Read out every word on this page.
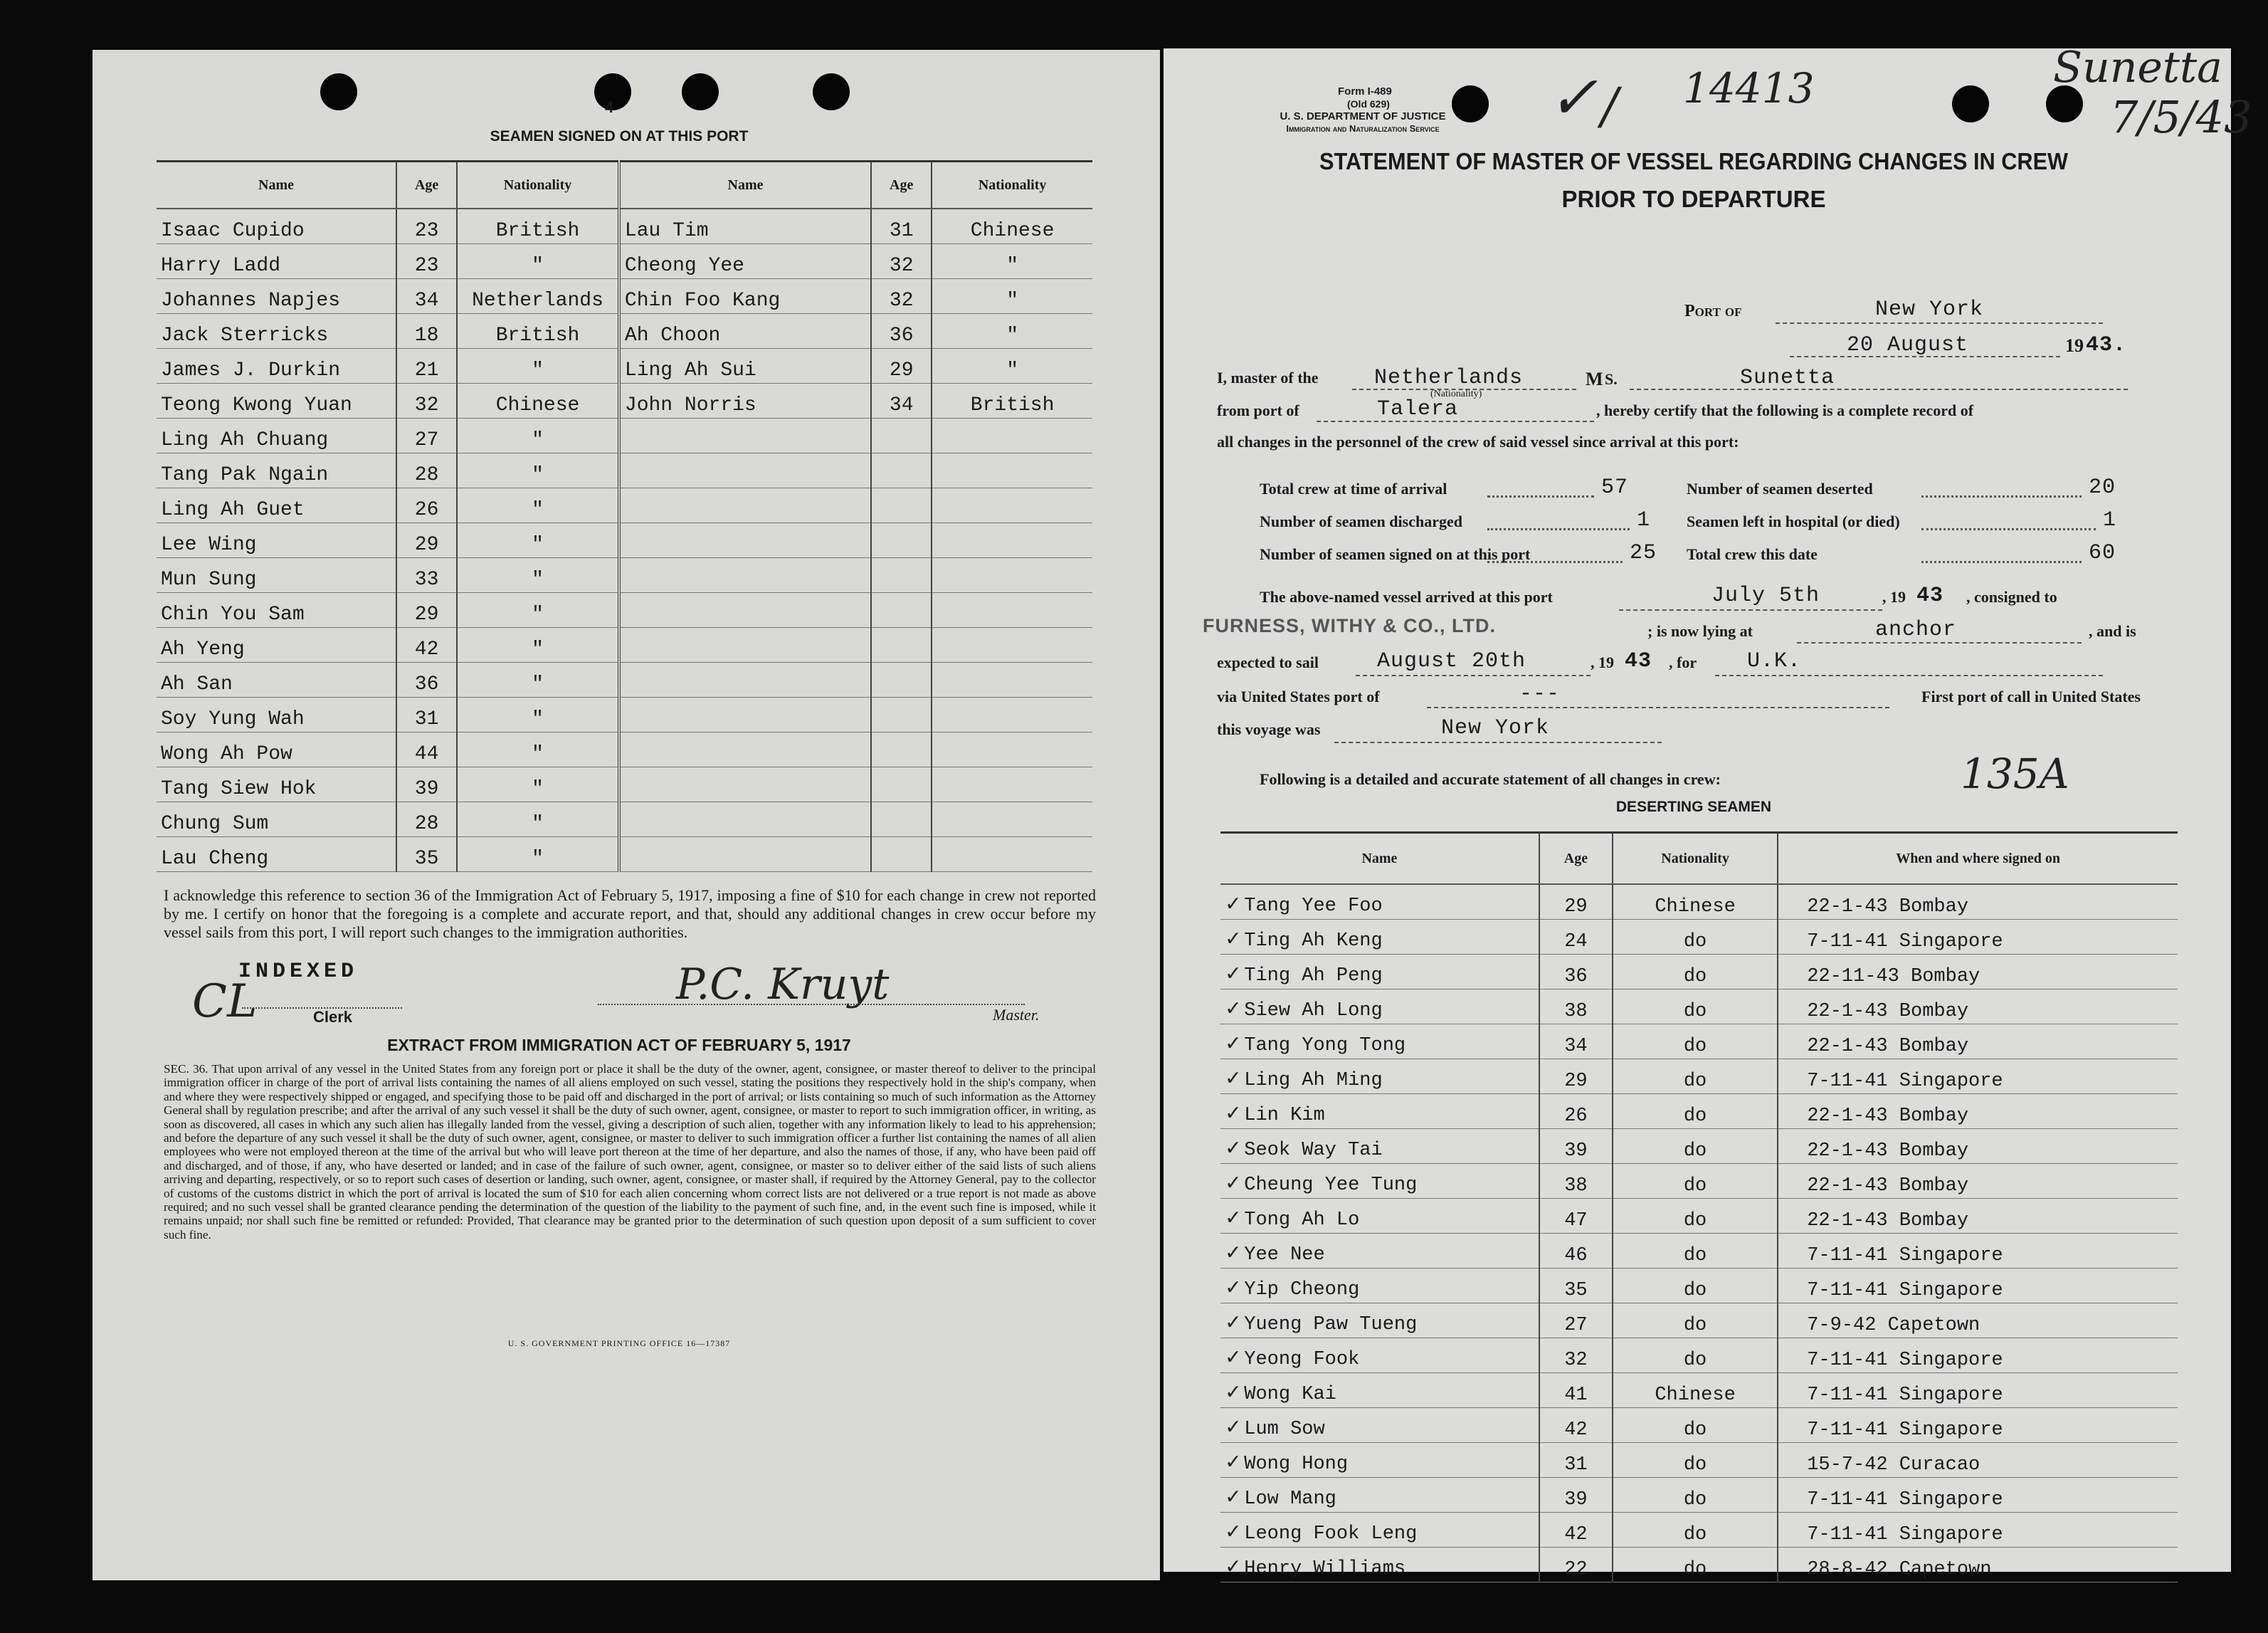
4
SEAMEN SIGNED ON AT THIS PORT
Name	Age	Nationality	Name	Age	Nationality
Isaac Cupido	23	British	Lau Tim	31	Chinese
Harry Ladd	23	"	Cheong Yee	32	"
Johannes Napjes	34	Netherlands	Chin Foo Kang	32	"
Jack Sterricks	18	British	Ah Choon	36	"
James J. Durkin	21	"	Ling Ah Sui	29	"
Teong Kwong Yuan	32	Chinese	John Norris	34	British
Ling Ah Chuang	27	"			
Tang Pak Ngain	28	"			
Ling Ah Guet	26	"			
Lee Wing	29	"			
Mun Sung	33	"			
Chin You Sam	29	"			
Ah Yeng	42	"			
Ah San	36	"			
Soy Yung Wah	31	"			
Wong Ah Pow	44	"			
Tang Siew Hok	39	"			
Chung Sum	28	"			
Lau Cheng	35	"			
I acknowledge this reference to section 36 of the Immigration Act of February 5, 1917, imposing a fine of $10 for each change in crew not reported by me. I certify on honor that the foregoing is a complete and accurate report, and that, should any additional changes in crew occur before my vessel sails from this port, I will report such changes to the immigration authorities.
INDEXED
CL	Clerk
P.C. Kruyt
Master.
EXTRACT FROM IMMIGRATION ACT OF FEBRUARY 5, 1917
SEC. 36. That upon arrival of any vessel in the United States from any foreign port or place it shall be the duty of the owner, agent, consignee, or master thereof to deliver to the principal immigration officer in charge of the port of arrival lists containing the names of all aliens employed on such vessel, stating the positions they respectively hold in the ship's company, when and where they were respectively shipped or engaged, and specifying those to be paid off and discharged in the port of arrival; or lists containing so much of such information as the Attorney General shall by regulation prescribe; and after the arrival of any such vessel it shall be the duty of such owner, agent, consignee, or master to report to such immigration officer, in writing, as soon as discovered, all cases in which any such alien has illegally landed from the vessel, giving a description of such alien, together with any information likely to lead to his apprehension; and before the departure of any such vessel it shall be the duty of such owner, agent, consignee, or master to deliver to such immigration officer a further list containing the names of all alien employees who were not employed thereon at the time of the arrival but who will leave port thereon at the time of her departure, and also the names of those, if any, who have been paid off and discharged, and of those, if any, who have deserted or landed; and in case of the failure of such owner, agent, consignee, or master so to deliver either of the said lists of such aliens arriving and departing, respectively, or so to report such cases of desertion or landing, such owner, agent, consignee, or master shall, if required by the Attorney General, pay to the collector of customs of the customs district in which the port of arrival is located the sum of $10 for each alien concerning whom correct lists are not delivered or a true report is not made as above required; and no such vessel shall be granted clearance pending the determination of the question of the liability to the payment of such fine, and, in the event such fine is imposed, while it remains unpaid; nor shall such fine be remitted or refunded: Provided, That clearance may be granted prior to the determination of such question upon deposit of a sum sufficient to cover such fine.
U. S. GOVERNMENT PRINTING OFFICE 16—17387
Form I-489
(Old 629)
U. S. DEPARTMENT OF JUSTICE
Immigration and Naturalization Service	✓ / 14413	Sunetta
7/5/43
STATEMENT OF MASTER OF VESSEL REGARDING CHANGES IN CREW
PRIOR TO DEPARTURE
Port of	New York
20 August	19 43.
I, master of the	Netherlands
(Nationality)
M S.	Sunetta
from port of	Talera	, hereby certify that the following is a complete record of
all changes in the personnel of the crew of said vessel since arrival at this port:
Total crew at time of arrival	57	Number of seamen deserted	20
Number of seamen discharged	1 Seamen left in hospital (or died)	1
Number of seamen signed on at this port	25 Total crew this date	60
The above-named vessel arrived at this port	July 5th	, 19 43 , consigned to
FURNESS, WITHY & CO., LTD.	; is now lying at	anchor	, and is
expected to sail	August 20th	, 19 43 , for U.K.
via United States port of	---	First port of call in United States
this voyage was	New York
Following is a detailed and accurate statement of all changes in crew:	135A
DESERTING SEAMEN
Name	Age	Nationality	When and where signed on
✓ Tang Yee Foo	29	Chinese	22-1-43 Bombay
✓ Ting Ah Keng	24	do	7-11-41 Singapore
✓ Ting Ah Peng	36	do	22-11-43 Bombay
✓ Siew Ah Long	38	do	22-1-43 Bombay
✓ Tang Yong Tong	34	do	22-1-43 Bombay
✓ Ling Ah Ming	29	do	7-11-41 Singapore
✓ Lin Kim	26	do	22-1-43 Bombay
✓ Seok Way Tai	39	do	22-1-43 Bombay
✓ Cheung Yee Tung	38	do	22-1-43 Bombay
✓ Tong Ah Lo	47	do	22-1-43 Bombay
✓ Yee Nee	46	do	7-11-41 Singapore
✓ Yip Cheong	35	do	7-11-41 Singapore
✓ Yueng Paw Tueng	27	do	7-9-42 Capetown
✓ Yeong Fook	32	do	7-11-41 Singapore
✓ Wong Kai	41	Chinese	7-11-41 Singapore
✓ Lum Sow	42	do	7-11-41 Singapore
✓ Wong Hong	31	do	15-7-42 Curacao
✓ Low Mang	39	do	7-11-41 Singapore
✓ Leong Fook Leng	42	do	7-11-41 Singapore
✓ Henry Williams	22	do	28-8-42 Capetown
